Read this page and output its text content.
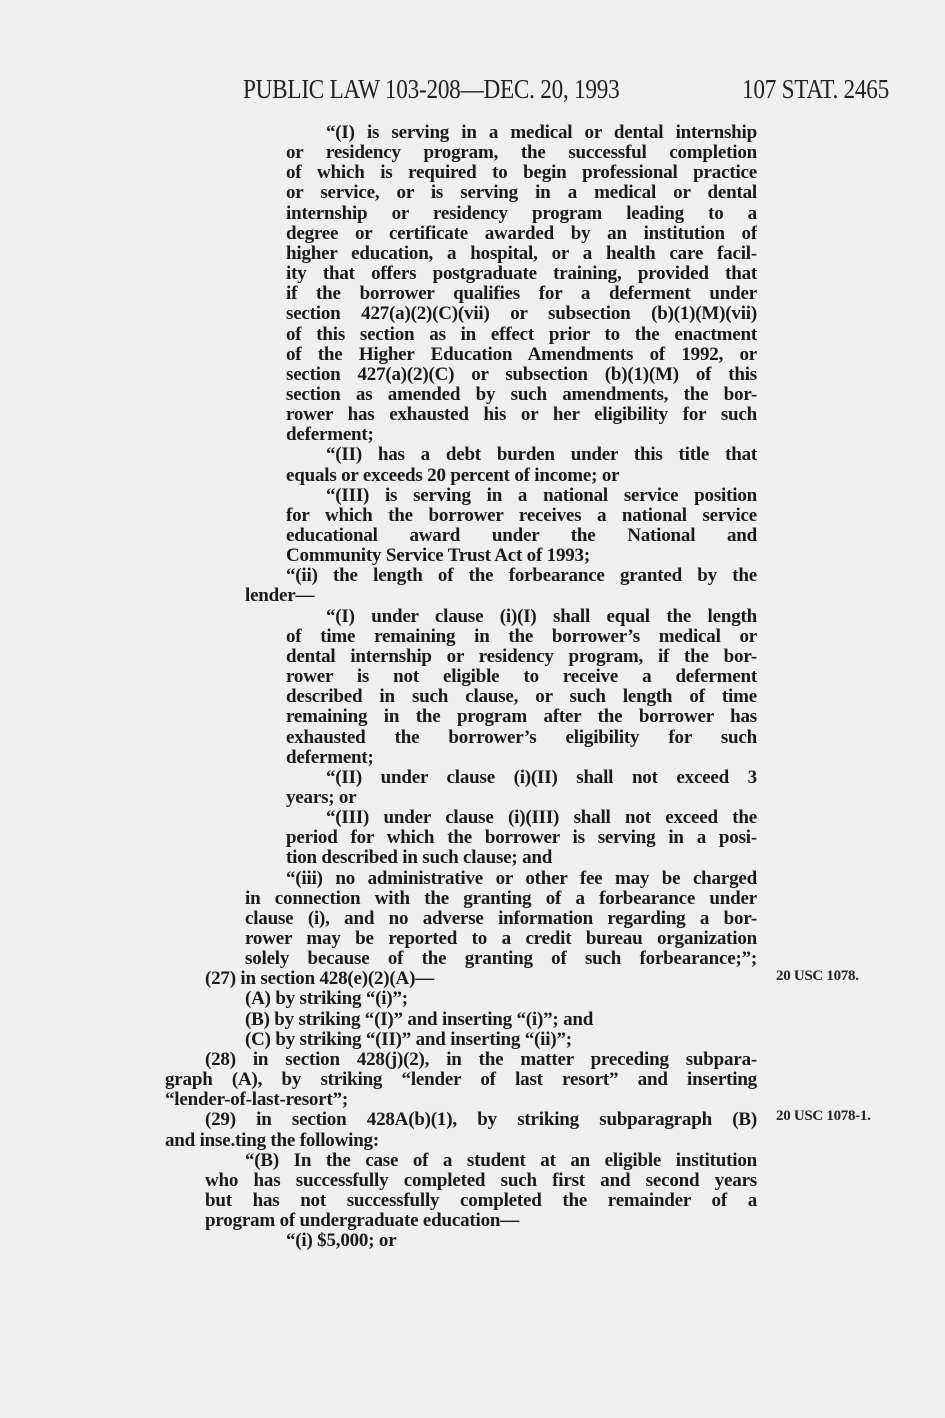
PUBLIC LAW 103-208—DEC. 20, 1993	107 STAT. 2465
“(I) is serving in a medical or dental internship
or residency program, the successful completion
of which is required to begin professional practice
or service, or is serving in a medical or dental
internship or residency program leading to a
degree or certificate awarded by an institution of
higher education, a hospital, or a health care facil-
ity that offers postgraduate training, provided that
if the borrower qualifies for a deferment under
section 427(a)(2)(C)(vii) or subsection (b)(1)(M)(vii)
of this section as in effect prior to the enactment
of the Higher Education Amendments of 1992, or
section 427(a)(2)(C) or subsection (b)(1)(M) of this
section as amended by such amendments, the bor-
rower has exhausted his or her eligibility for such
deferment;
“(II) has a debt burden under this title that
equals or exceeds 20 percent of income; or
“(III) is serving in a national service position
for which the borrower receives a national service
educational award under the National and
Community Service Trust Act of 1993;
“(ii) the length of the forbearance granted by the
lender—
“(I) under clause (i)(I) shall equal the length
of time remaining in the borrower’s medical or
dental internship or residency program, if the bor-
rower is not eligible to receive a deferment
described in such clause, or such length of time
remaining in the program after the borrower has
exhausted the borrower’s eligibility for such
deferment;
“(II) under clause (i)(II) shall not exceed 3
years; or
“(III) under clause (i)(III) shall not exceed the
period for which the borrower is serving in a posi-
tion described in such clause; and
“(iii) no administrative or other fee may be charged
in connection with the granting of a forbearance under
clause (i), and no adverse information regarding a bor-
rower may be reported to a credit bureau organization
solely because of the granting of such forbearance;”;
(27) in section 428(e)(2)(A)—
(A) by striking “(i)”;
(B) by striking “(I)” and inserting “(i)”; and
(C) by striking “(II)” and inserting “(ii)”;
(28) in section 428(j)(2), in the matter preceding subpara-
graph (A), by striking “lender of last resort” and inserting
“lender-of-last-resort”;
(29) in section 428A(b)(1), by striking subparagraph (B)
and inse.ting the following:
“(B) In the case of a student at an eligible institution
who has successfully completed such first and second years
but has not successfully completed the remainder of a
program of undergraduate education—
“(i) $5,000; or
20 USC 1078.
20 USC 1078-1.
